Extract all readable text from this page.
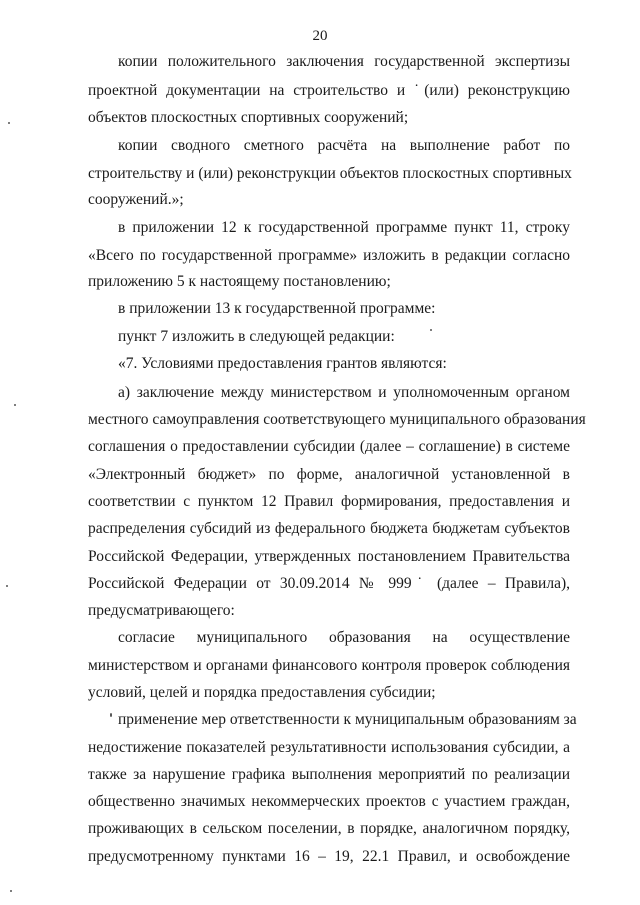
20
копии положительного заключения государственной экспертизы
проектной документации на строительство и ˙(или) реконструкцию
объектов плоскостных спортивных сооружений;
копии сводного сметного расчёта на выполнение работ по
строительству и (или) реконструкции объектов плоскостных спортивных
сооружений.»;
в приложении 12 к государственной программе пункт 11, строку
«Всего по государственной программе» изложить в редакции согласно
приложению 5 к настоящему постановлению;
в приложении 13 к государственной программе:
пункт 7 изложить в следующей редакции:
«7. Условиями предоставления грантов являются:
а) заключение между министерством и уполномоченным органом
местного самоуправления соответствующего муниципального образования
соглашения о предоставлении субсидии (далее – соглашение) в системе
«Электронный бюджет» по форме, аналогичной установленной в
соответствии с пунктом 12 Правил формирования, предоставления и
распределения субсидий из федерального бюджета бюджетам субъектов
Российской Федерации, утвержденных постановлением Правительства
Российской Федерации от 30.09.2014 № 999˙ (далее – Правила),
предусматривающего:
согласие муниципального образования на осуществление
министерством и органами финансового контроля проверок соблюдения
условий, целей и порядка предоставления субсидии;
применение мер ответственности к муниципальным образованиям за
недостижение показателей результативности использования субсидии, а
также за нарушение графика выполнения мероприятий по реализации
общественно значимых некоммерческих проектов с участием граждан,
проживающих в сельском поселении, в порядке, аналогичном порядку,
предусмотренному пунктами 16 – 19, 22.1 Правил, и освобождение
